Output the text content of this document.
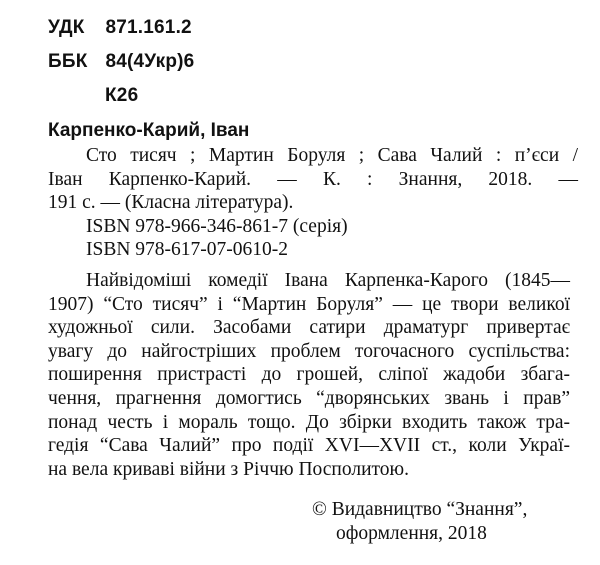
УДК 871.161.2
ББК 84(4Укр)6
К26
Карпенко-Карий, Іван
Сто тисяч ; Мартин Боруля ; Сава Чалий : п’єси /
Іван Карпенко-Карий. — К. : Знання, 2018. —
191 с. — (Класна література).
ISBN 978-966-346-861-7 (серія)
ISBN 978-617-07-0610-2
Найвідоміші комедії Івана Карпенка-Карого (1845—
1907) “Сто тисяч” і “Мартин Боруля” — це твори великої
художньої сили. Засобами сатири драматург привертає
увагу до найгостріших проблем тогочасного суспільства:
поширення пристрасті до грошей, сліпої жадоби збага-
чення, прагнення домогтись “дворянських звань і прав”
понад честь і мораль тощо. До збірки входить також тра-
гедія “Сава Чалий” про події XVI—XVII ст., коли Украї-
на вела криваві війни з Річчю Посполитою.
© Видавництво “Знання”,
оформлення, 2018
